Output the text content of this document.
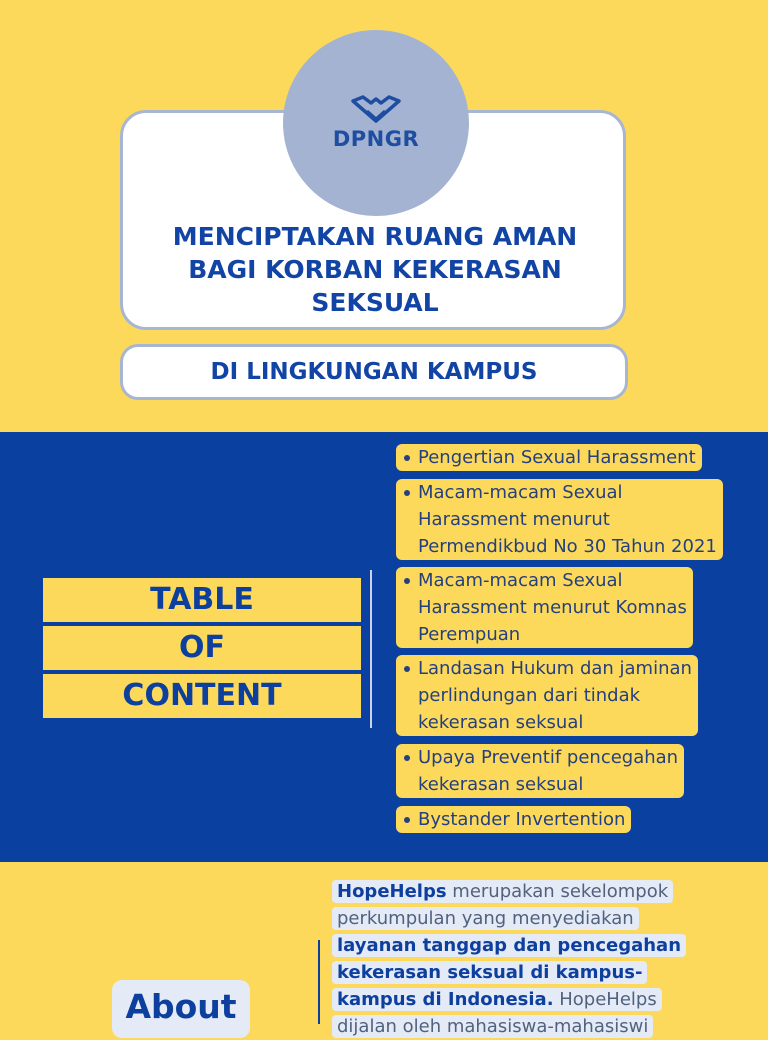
DPNGR
MENCIPTAKAN RUANG AMAN
BAGI KORBAN KEKERASAN
SEKSUAL
DI LINGKUNGAN KAMPUS
TABLE
OF
CONTENT
Pengertian Sexual Harassment
Macam-macam Sexual
Harassment menurut
Permendikbud No 30 Tahun 2021
Macam-macam Sexual
Harassment menurut Komnas
Perempuan
Landasan Hukum dan jaminan
perlindungan dari tindak
kekerasan seksual
Upaya Preventif pencegahan
kekerasan seksual
Bystander Invertention
About
HopeHelps merupakan sekelompok perkumpulan yang menyediakan layanan tanggap dan pencegahan kekerasan seksual di kampus-kampus di Indonesia. HopeHelps dijalan oleh mahasiswa-mahasiswi
